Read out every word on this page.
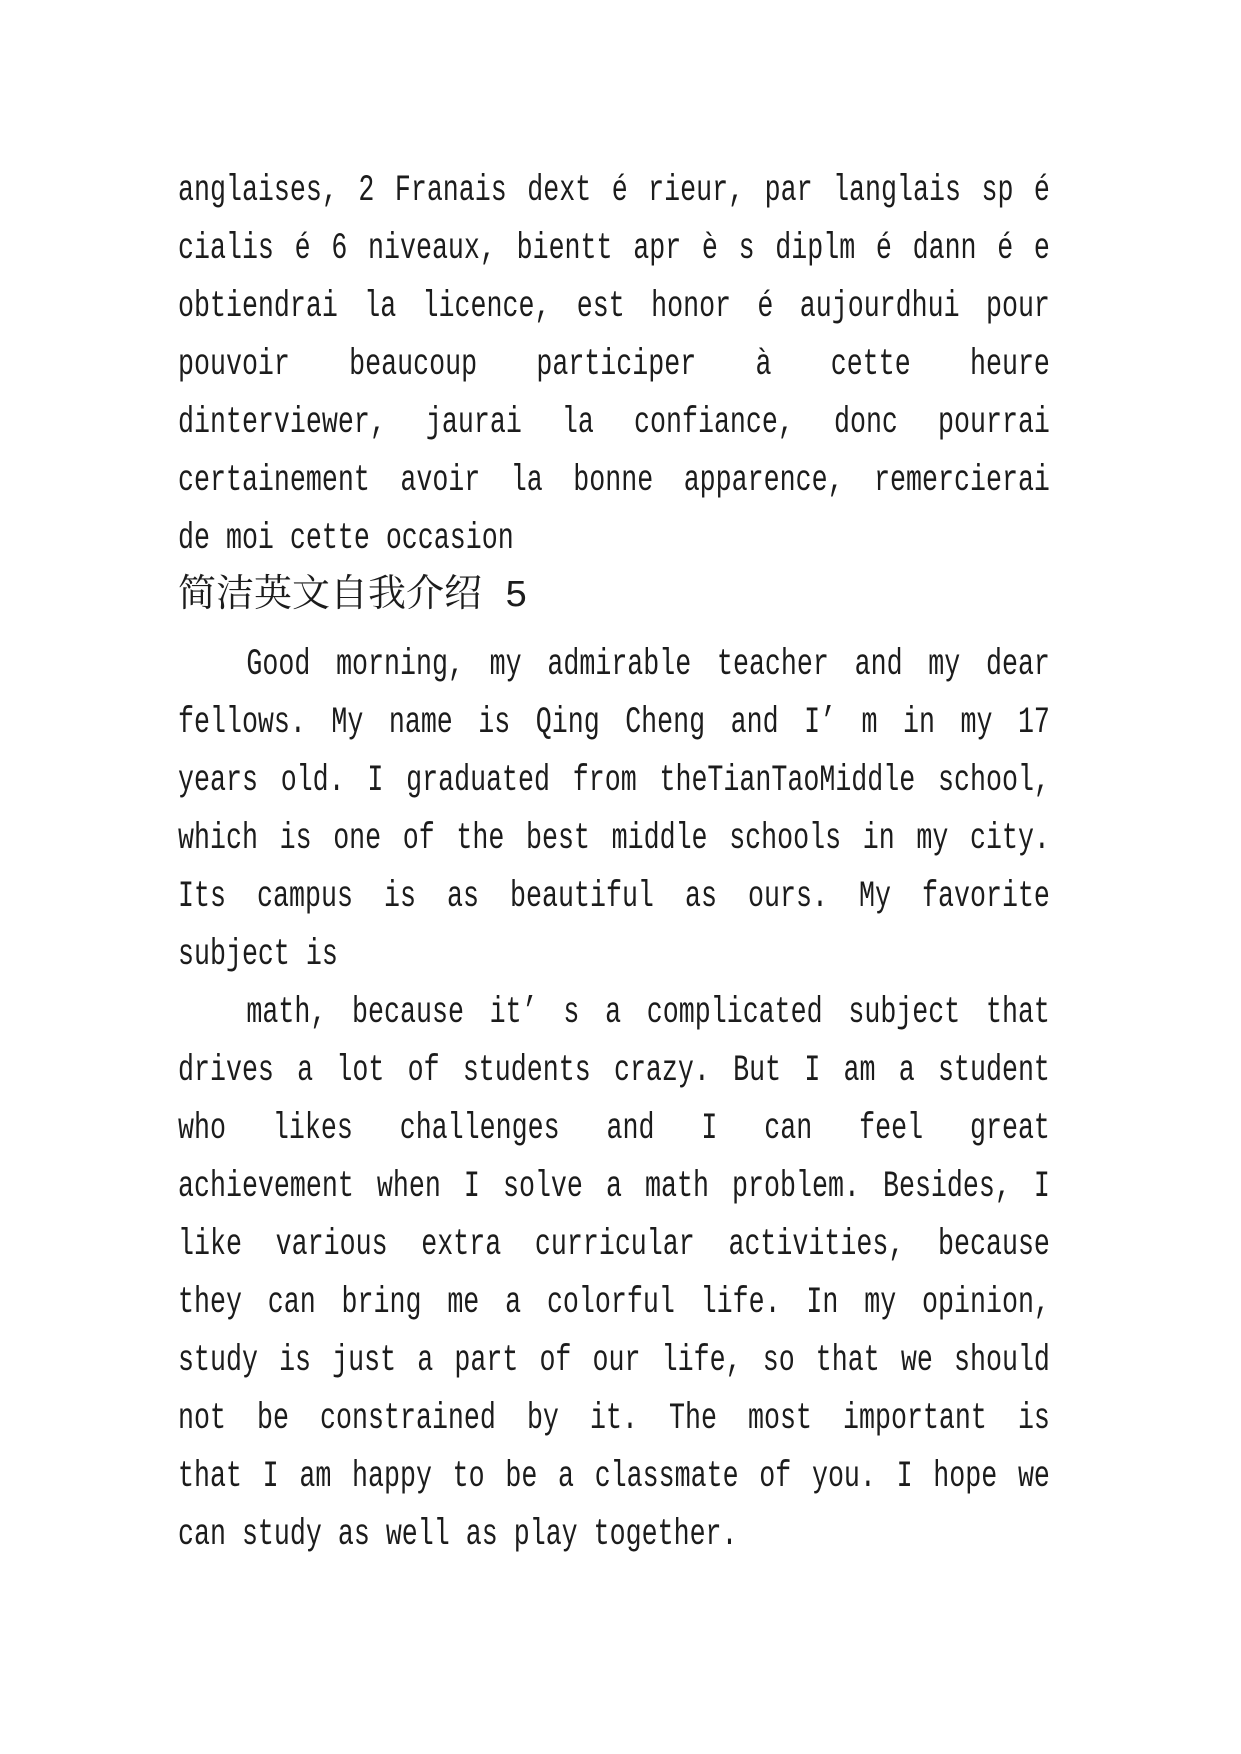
anglaises, 2 Franais dext é rieur, par langlais sp é
cialis é 6 niveaux, bientt apr è s diplm é dann é e
obtiendrai la licence, est honor é aujourdhui pour
pouvoir beaucoup participer à cette heure
dinterviewer, jaurai la confiance, donc pourrai
certainement avoir la bonne apparence, remercierai
de moi cette occasion
简洁英文自我介绍 5
Good morning, my admirable teacher and my dear
fellows. My name is Qing Cheng and I’ m in my 17
years old. I graduated from theTianTaoMiddle school,
which is one of the best middle schools in my city.
Its campus is as beautiful as ours. My favorite
subject is
math, because it’ s a complicated subject that
drives a lot of students crazy. But I am a student
who likes challenges and I can feel great
achievement when I solve a math problem. Besides, I
like various extra curricular activities, because
they can bring me a colorful life. In my opinion,
study is just a part of our life, so that we should
not be constrained by it. The most important is
that I am happy to be a classmate of you. I hope we
can study as well as play together.
